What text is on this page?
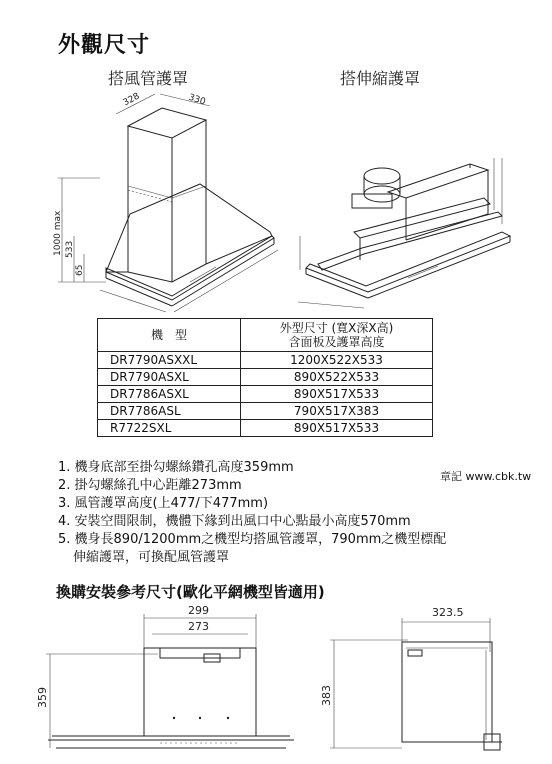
外觀尺寸
搭風管護罩	搭伸縮護罩
328	330
1000 max 533
65
機　型	外型尺寸 (寬X深X高)
含面板及護罩高度

DR7790ASXXL	1200X522X533
DR7790ASXL	890X522X533
DR7786ASXL	890X517X533
DR7786ASL	790X517X383
R7722SXL	890X517X533
1. 機身底部至掛勾螺絲鑽孔高度359mm
2. 掛勾螺絲孔中心距離273mm
3. 風管護罩高度(上477/下477mm)
4. 安裝空間限制，機體下緣到出風口中心點最小高度570mm
5. 機身長890/1200mm之機型均搭風管護罩，790mm之機型標配
伸縮護罩，可換配風管護罩
章記 www.cbk.tw
換購安裝參考尺寸(歐化平網機型皆適用)
299
273
359
323.5
383
